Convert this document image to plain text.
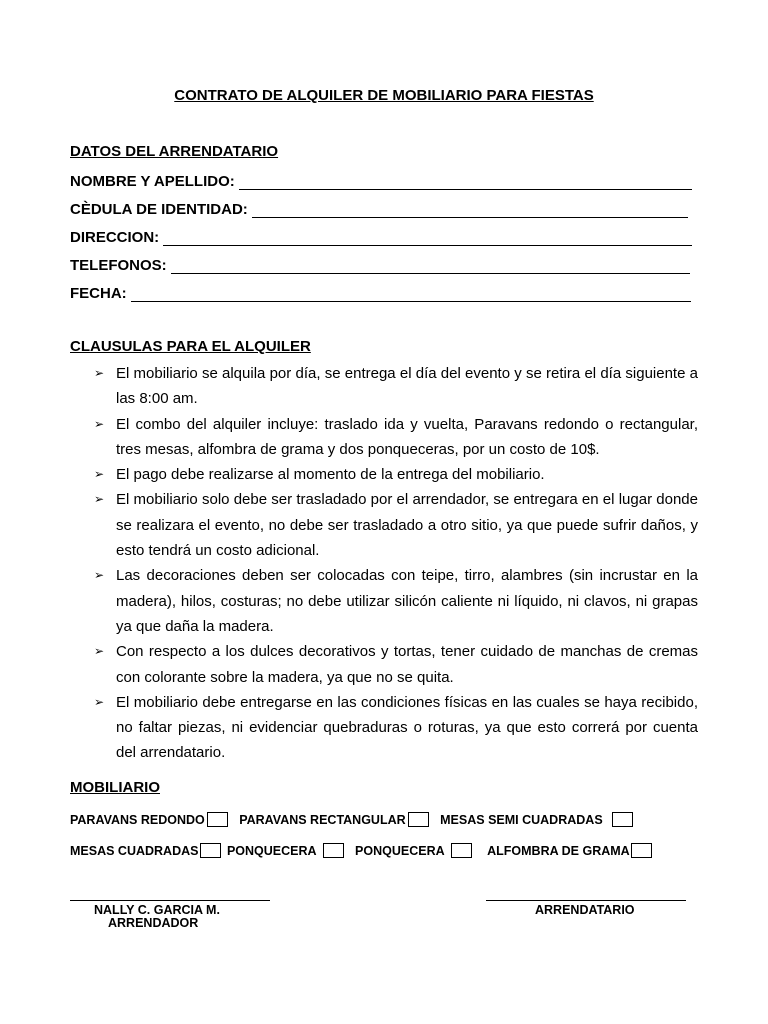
CONTRATO DE ALQUILER DE MOBILIARIO PARA FIESTAS
DATOS DEL ARRENDATARIO
NOMBRE Y APELLIDO:
CÈDULA DE IDENTIDAD:
DIRECCION:
TELEFONOS:
FECHA:
CLAUSULAS PARA EL ALQUILER
➢ El mobiliario se alquila por día, se entrega el día del evento y se retira el día siguiente a las 8:00 am.
➢ El combo del alquiler incluye: traslado ida y vuelta, Paravans redondo o rectangular, tres mesas, alfombra de grama y dos ponqueceras, por un costo de 10$.
➢ El pago debe realizarse al momento de la entrega del mobiliario.
➢ El mobiliario solo debe ser trasladado por el arrendador, se entregara en el lugar donde se realizara el evento, no debe ser trasladado a otro sitio, ya que puede sufrir daños, y esto tendrá un costo adicional.
➢ Las decoraciones deben ser colocadas con teipe, tirro, alambres (sin incrustar en la madera), hilos, costuras; no debe utilizar silicón caliente ni líquido, ni clavos, ni grapas ya que daña la madera.
➢ Con respecto a los dulces decorativos y tortas, tener cuidado de manchas de cremas con colorante sobre la madera, ya que no se quita.
➢ El mobiliario debe entregarse en las condiciones físicas en las cuales se haya recibido, no faltar piezas, ni evidenciar quebraduras o roturas, ya que esto correrá por cuenta del arrendatario.
MOBILIARIO
PARAVANS REDONDO	PARAVANS RECTANGULAR	MESAS SEMI CUADRADAS
MESAS CUADRADAS PONQUECERA	PONQUECERA	ALFOMBRA DE GRAMA
NALLY C. GARCIA M.
ARRENDADOR
ARRENDATARIO
